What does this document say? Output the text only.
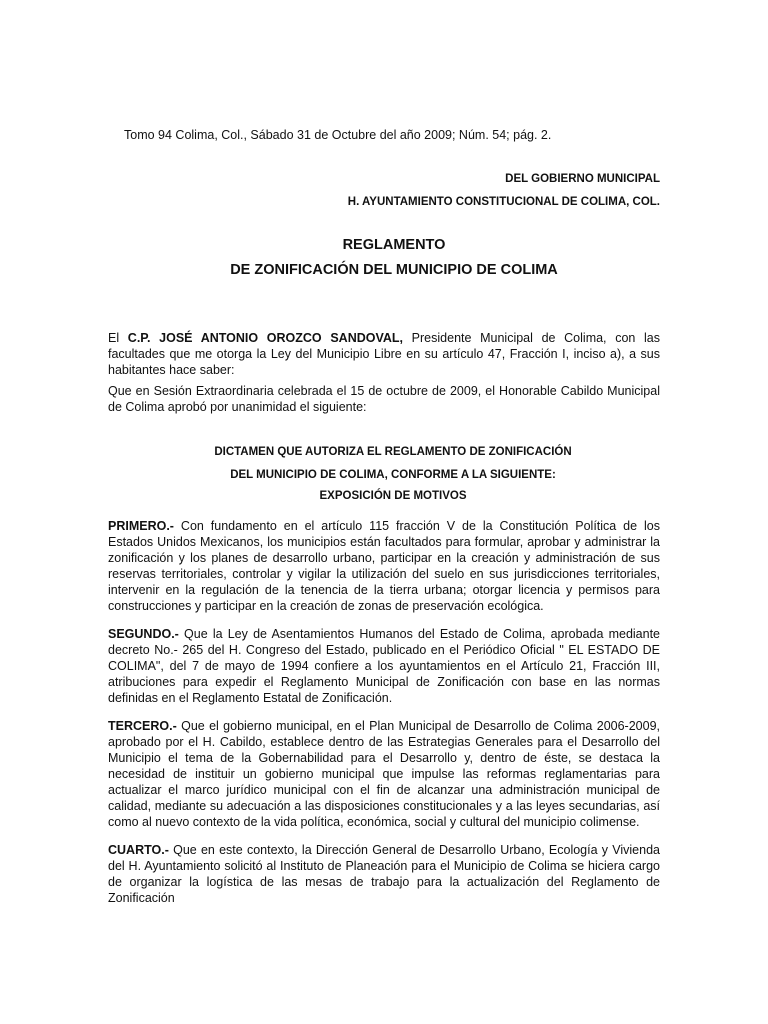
Tomo 94 Colima, Col., Sábado 31 de Octubre del año 2009; Núm. 54; pág. 2.
DEL GOBIERNO MUNICIPAL
H. AYUNTAMIENTO CONSTITUCIONAL DE COLIMA, COL.
REGLAMENTO
DE ZONIFICACIÓN DEL MUNICIPIO DE COLIMA
El C.P. JOSÉ ANTONIO OROZCO SANDOVAL, Presidente Municipal de Colima, con las facultades que me otorga la Ley del Municipio Libre en su artículo 47, Fracción I, inciso a), a sus habitantes hace saber:
Que en Sesión Extraordinaria celebrada el 15 de octubre de 2009, el Honorable Cabildo Municipal de Colima aprobó por unanimidad el siguiente:
DICTAMEN QUE AUTORIZA EL REGLAMENTO DE ZONIFICACIÓN
DEL MUNICIPIO DE COLIMA, CONFORME A LA SIGUIENTE:
EXPOSICIÓN DE MOTIVOS
PRIMERO.- Con fundamento en el artículo 115 fracción V de la Constitución Política de los Estados Unidos Mexicanos, los municipios están facultados para formular, aprobar y administrar la zonificación y los planes de desarrollo urbano, participar en la creación y administración de sus reservas territoriales, controlar y vigilar la utilización del suelo en sus jurisdicciones territoriales, intervenir en la regulación de la tenencia de la tierra urbana; otorgar licencia y permisos para construcciones y participar en la creación de zonas de preservación ecológica.
SEGUNDO.- Que la Ley de Asentamientos Humanos del Estado de Colima, aprobada mediante decreto No.- 265 del H. Congreso del Estado, publicado en el Periódico Oficial " EL ESTADO DE COLIMA", del 7 de mayo de 1994 confiere a los ayuntamientos en el Artículo 21, Fracción III, atribuciones para expedir el Reglamento Municipal de Zonificación con base en las normas definidas en el Reglamento Estatal de Zonificación.
TERCERO.- Que el gobierno municipal, en el Plan Municipal de Desarrollo de Colima 2006-2009, aprobado por el H. Cabildo, establece dentro de las Estrategias Generales para el Desarrollo del Municipio el tema de la Gobernabilidad para el Desarrollo y, dentro de éste, se destaca la necesidad de instituir un gobierno municipal que impulse las reformas reglamentarias para actualizar el marco jurídico municipal con el fin de alcanzar una administración municipal de calidad, mediante su adecuación a las disposiciones constitucionales y a las leyes secundarias, así como al nuevo contexto de la vida política, económica, social y cultural del municipio colimense.
CUARTO.- Que en este contexto, la Dirección General de Desarrollo Urbano, Ecología y Vivienda del H. Ayuntamiento solicitó al Instituto de Planeación para el Municipio de Colima se hiciera cargo de organizar la logística de las mesas de trabajo para la actualización del Reglamento de Zonificación
